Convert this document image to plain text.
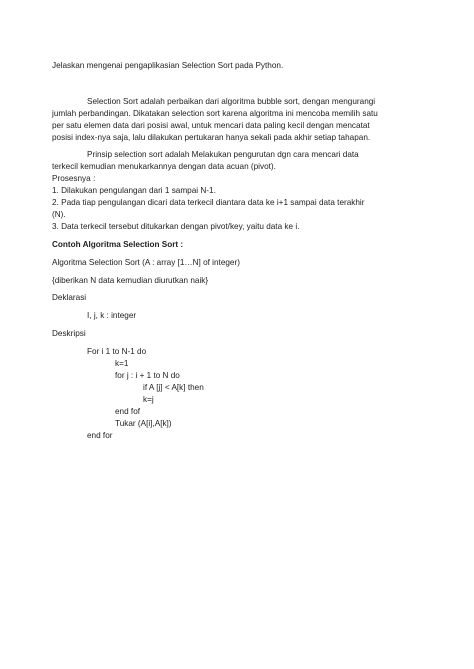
Jelaskan mengenai pengaplikasian Selection Sort pada Python.

Selection Sort adalah perbaikan dari algoritma bubble sort, dengan mengurangi

jumlah perbandingan. Dikatakan selection sort karena algoritma ini mencoba memilih satu

per satu elemen data dari posisi awal, untuk mencari data paling kecil dengan mencatat

posisi index-nya saja, lalu dilakukan pertukaran hanya sekali pada akhir setiap tahapan.

Prinsip selection sort adalah Melakukan pengurutan dgn cara mencari data

terkecil kemudian menukarkannya dengan data acuan (pivot).

Prosesnya :

1. Dilakukan pengulangan dari 1 sampai N-1.

2. Pada tiap pengulangan dicari data terkecil diantara data ke i+1 sampai data terakhir

(N).

3. Data terkecil tersebut ditukarkan dengan pivot/key, yaitu data ke i.

Contoh Algoritma Selection Sort :

Algoritma Selection Sort (A : array [1…N] of integer)

{diberikan N data kemudian diurutkan naik}

Deklarasi

I, j, k : integer

Deskripsi

For i 1 to N-1 do

k=1

for j : i + 1 to N do

if A [j] < A[k] then

k=j

end fof

Tukar (A[i],A[k])

end for
